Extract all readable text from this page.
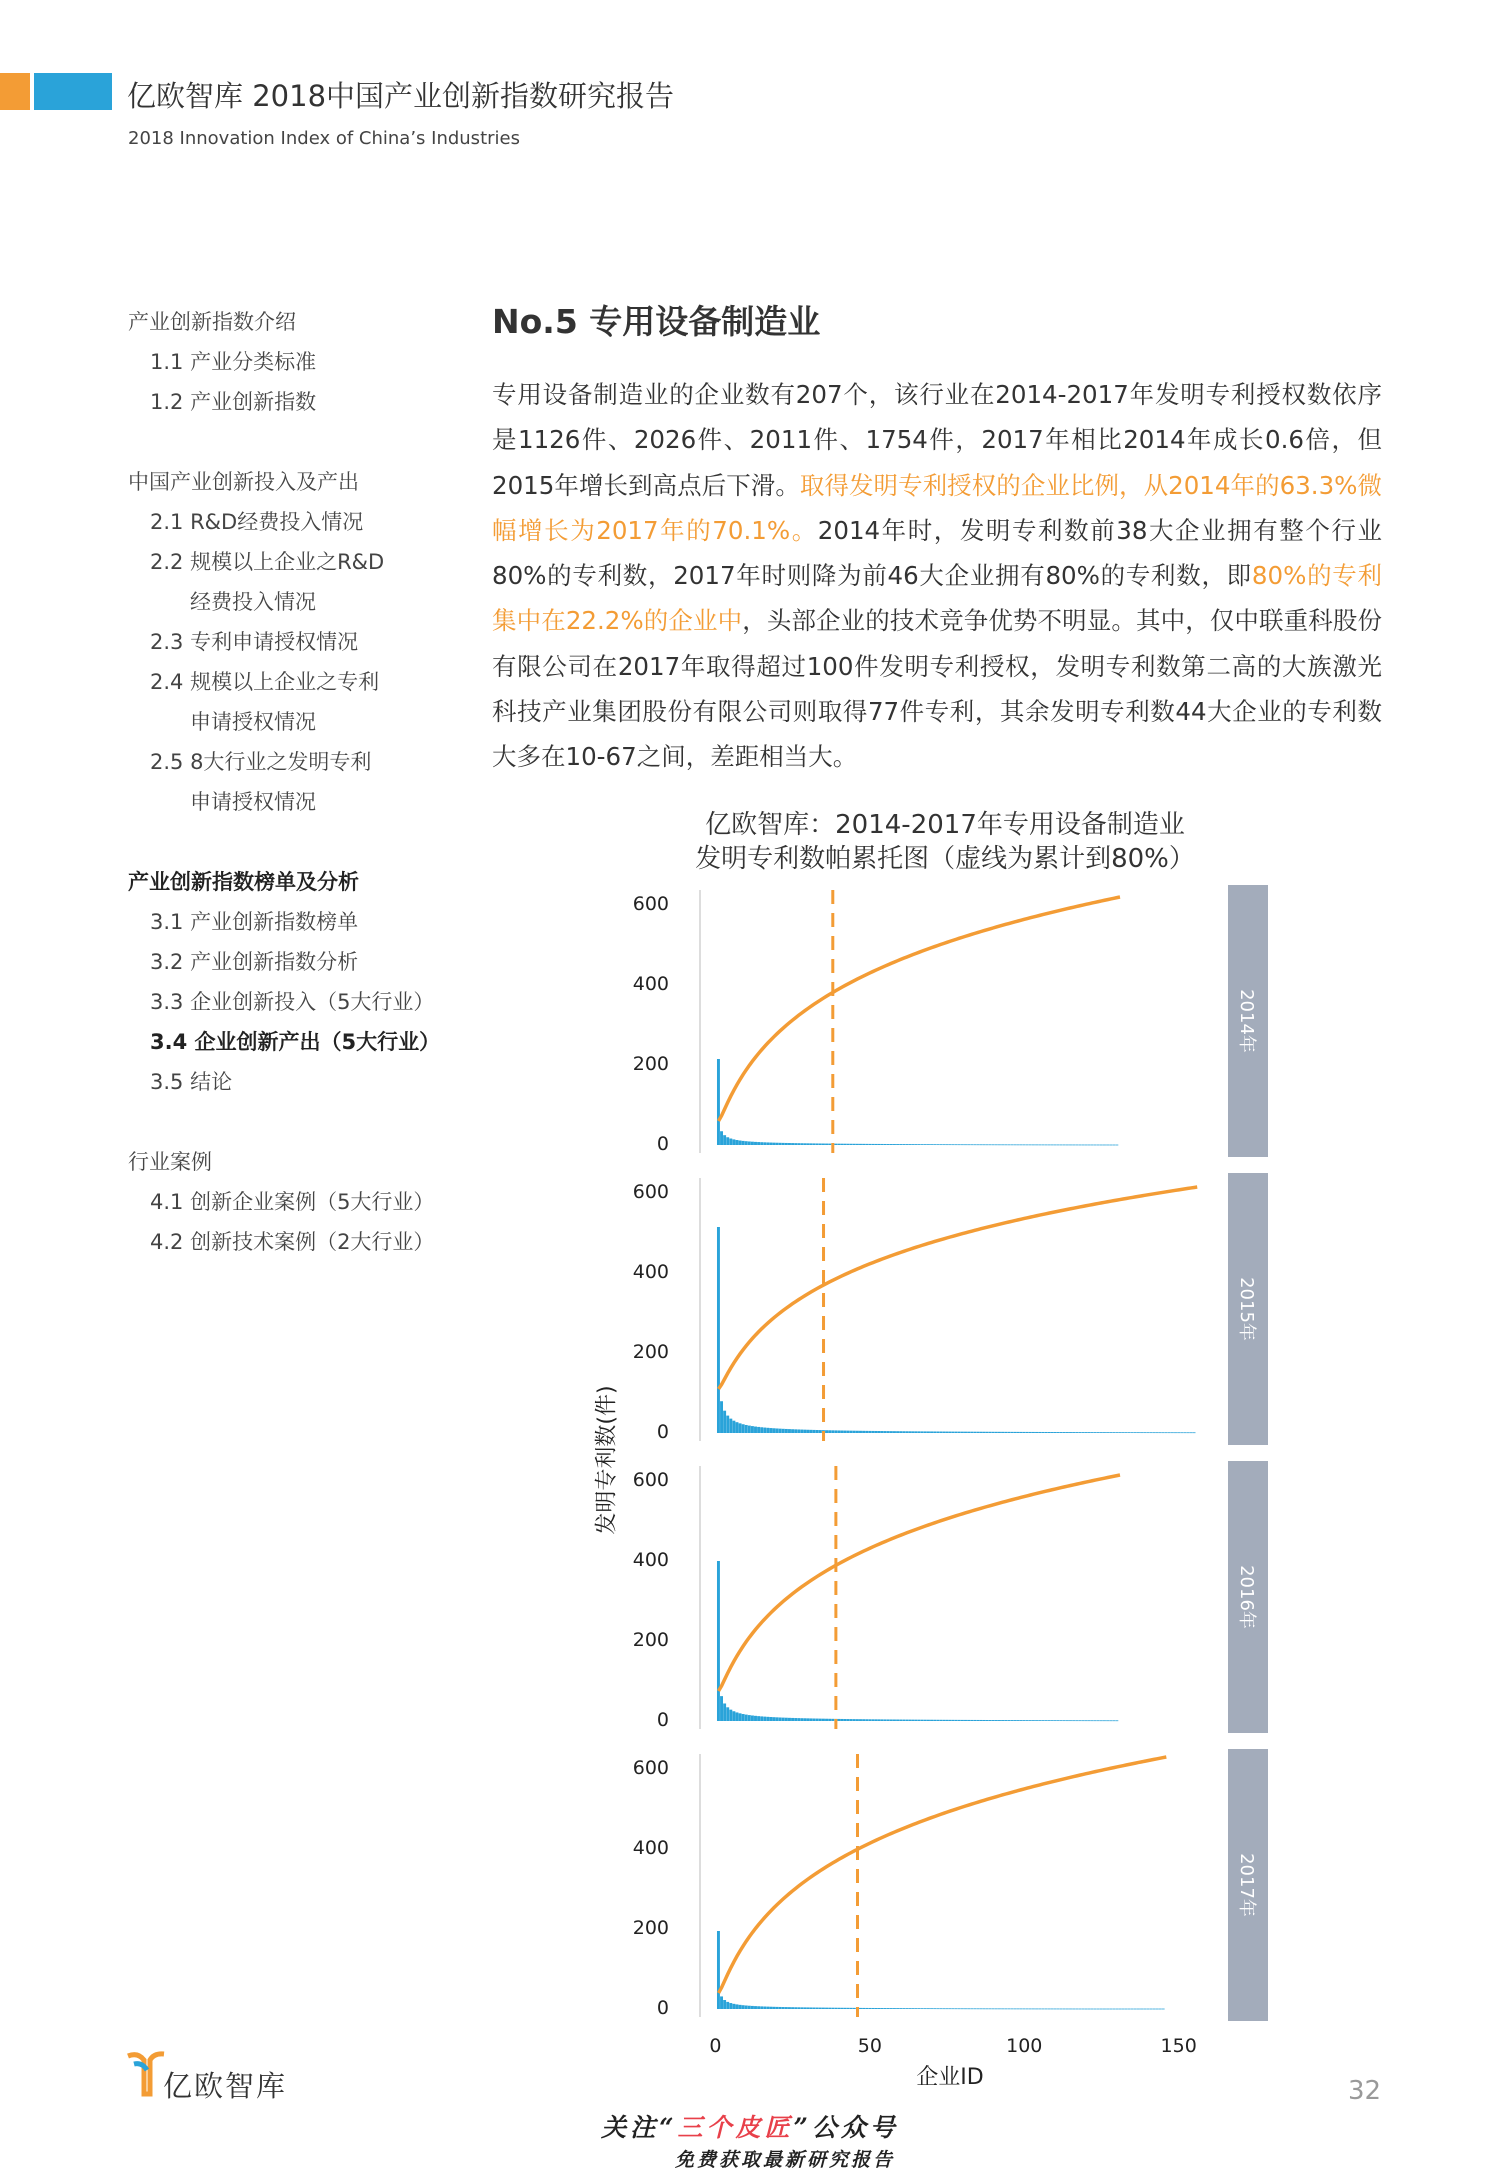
亿欧智库 2018中国产业创新指数研究报告
2018 Innovation Index of China’s Industries
产业创新指数介绍
1.1 产业分类标准
1.2 产业创新指数
中国产业创新投入及产出
2.1 R&D经费投入情况
2.2 规模以上企业之R&D
经费投入情况
2.3 专利申请授权情况
2.4 规模以上企业之专利
申请授权情况
2.5 8大行业之发明专利
申请授权情况
产业创新指数榜单及分析
3.1 产业创新指数榜单
3.2 产业创新指数分析
3.3 企业创新投入（5大行业）
3.4 企业创新产出（5大行业）
3.5 结论
行业案例
4.1 创新企业案例（5大行业）
4.2 创新技术案例（2大行业）
No.5 专用设备制造业
专用设备制造业的企业数有207个，该行业在2014-2017年发明专利授权数依序是1126件、2026件、2011件、1754件，2017年相比2014年成长0.6倍，但2015年增长到高点后下滑。取得发明专利授权的企业比例，从2014年的63.3%微幅增长为2017年的70.1%。2014年时，发明专利数前38大企业拥有整个行业80%的专利数，2017年时则降为前46大企业拥有80%的专利数，即80%的专利集中在22.2%的企业中，头部企业的技术竞争优势不明显。其中，仅中联重科股份有限公司在2017年取得超过100件发明专利授权，发明专利数第二高的大族激光科技产业集团股份有限公司则取得77件专利，其余发明专利数44大企业的专利数大多在10-67之间，差距相当大。
亿欧智库：2014-2017年专用设备制造业
发明专利数帕累托图（虚线为累计到80%）
发明专利数(件)
2014年
0
200
400
600
2015年
0
200
400
600
2016年
0
200
400
600
2017年
0
200
400
600
0	50	100	150
企业ID
亿欧智库	32
关注“三个皮匠”公众号
免费获取最新研究报告
